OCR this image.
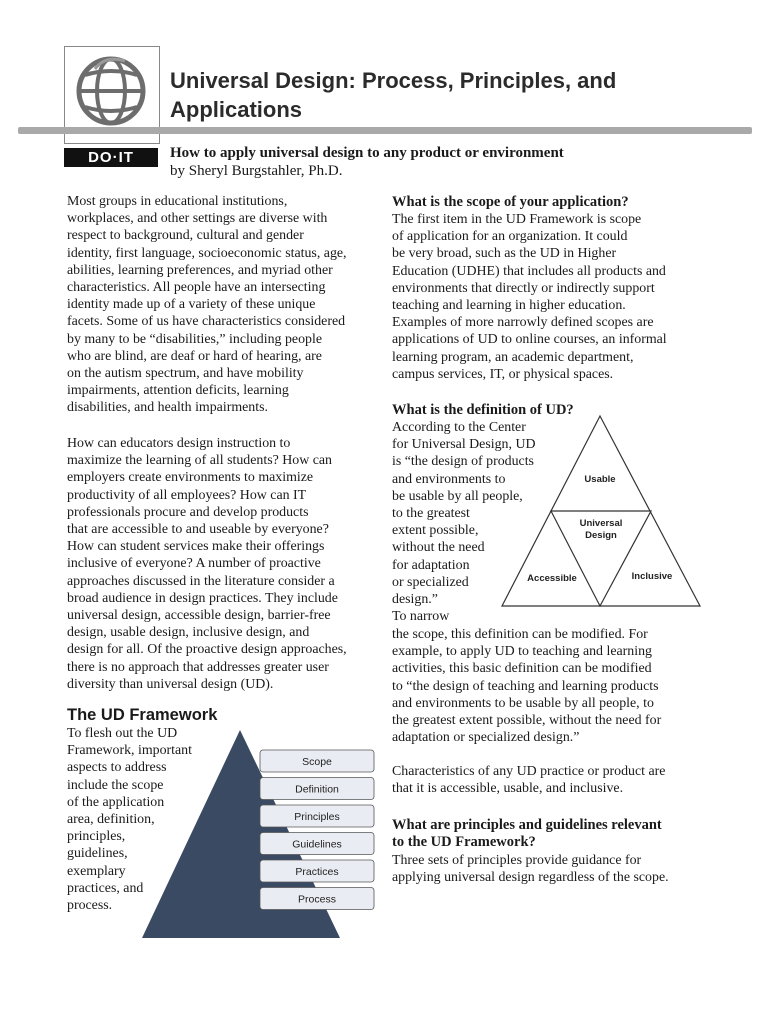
Universal Design: Process, Principles, and
Applications
DO·IT	How to apply universal design to any product or environment
by Sheryl Burgstahler, Ph.D.
Most groups in educational institutions,
workplaces, and other settings are diverse with
respect to background, cultural and gender
identity, first language, socioeconomic status, age,
abilities, learning preferences, and myriad other
characteristics. All people have an intersecting
identity made up of a variety of these unique
facets. Some of us have characteristics considered
by many to be “disabilities,” including people
who are blind, are deaf or hard of hearing, are
on the autism spectrum, and have mobility
impairments, attention deficits, learning
disabilities, and health impairments.
How can educators design instruction to
maximize the learning of all students? How can
employers create environments to maximize
productivity of all employees? How can IT
professionals procure and develop products
that are accessible to and useable by everyone?
How can student services make their offerings
inclusive of everyone? A number of proactive
approaches discussed in the literature consider a
broad audience in design practices. They include
universal design, accessible design, barrier-free
design, usable design, inclusive design, and
design for all. Of the proactive design approaches,
there is no approach that addresses greater user
diversity than universal design (UD).
The UD Framework
To flesh out the UD
Framework, important
aspects to address
include the scope
of the application
area, definition,
principles,
guidelines,
exemplary
practices, and
process.
Scope
Definition
Principles
Guidelines
Practices
Process
What is the scope of your application?
The first item in the UD Framework is scope
of application for an organization. It could
be very broad, such as the UD in Higher
Education (UDHE) that includes all products and
environments that directly or indirectly support
teaching and learning in higher education.
Examples of more narrowly defined scopes are
applications of UD to online courses, an informal
learning program, an academic department,
campus services, IT, or physical spaces.
What is the definition of UD?
According to the Center
for Universal Design, UD
is “the design of products
and environments to
be usable by all people,
to the greatest
extent possible,
without the need
for adaptation
or specialized
design.”
To narrow
the scope, this definition can be modified. For
example, to apply UD to teaching and learning
activities, this basic definition can be modified
to “the design of teaching and learning products
and environments to be usable by all people, to
the greatest extent possible, without the need for
adaptation or specialized design.”
Usable
Universal
Design
Accessible	Inclusive
Characteristics of any UD practice or product are
that it is accessible, usable, and inclusive.
What are principles and guidelines relevant
to the UD Framework?
Three sets of principles provide guidance for
applying universal design regardless of the scope.
